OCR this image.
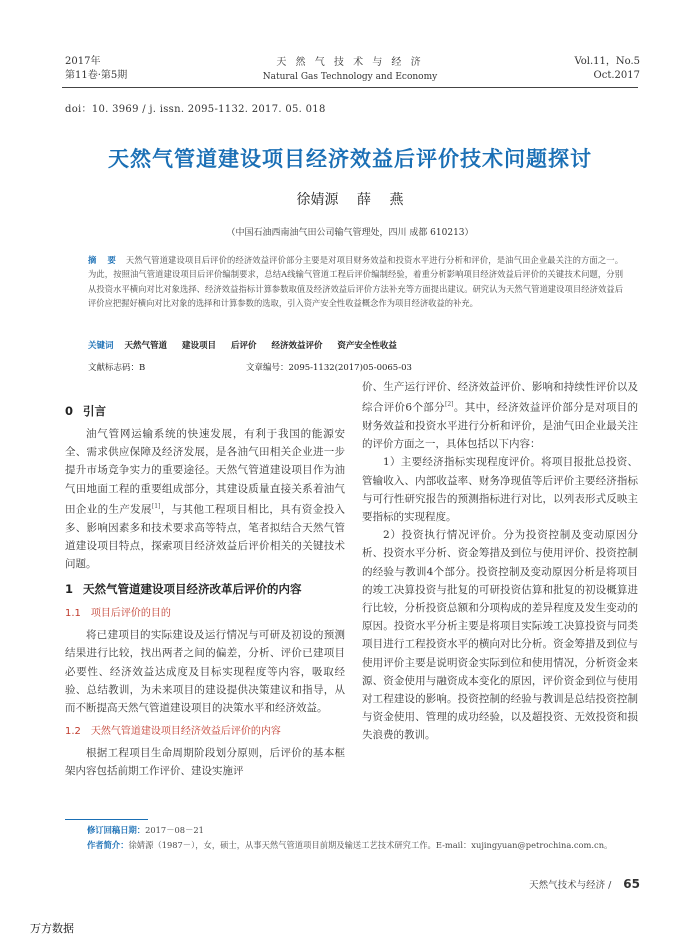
2017年
第11卷·第5期
天 然 气 技 术 与 经 济
Natural Gas Technology and Economy
Vol.11，No.5
Oct.2017
doi：10. 3969 / j. issn. 2095-1132. 2017. 05. 018
天然气管道建设项目经济效益后评价技术问题探讨
徐婧源 薛 燕
（中国石油西南油气田公司输气管理处，四川 成都 610213）
摘 要 天然气管道建设项目后评价的经济效益评价部分主要是对项目财务效益和投资水平进行分析和评价，是油气田企业最关注的方面之一。为此，按照油气管道建设项目后评价编制要求，总结A线输气管道工程后评价编制经验，着重分析影响项目经济效益后评价的关键技术问题，分别从投资水平横向对比对象选择、经济效益指标计算参数取值及经济效益后评价方法补充等方面提出建议。研究认为天然气管道建设项目经济效益后评价应把握好横向对比对象的选择和计算参数的选取，引入资产安全性收益概念作为项目经济收益的补充。
关键词 天然气管道 建设项目 后评价 经济效益评价 资产安全性收益
文献标志码：B	文章编号：2095-1132(2017)05-0065-03
0 引言

油气管网运输系统的快速发展，有利于我国的能源安全、需求供应保障及经济发展，是各油气田相关企业进一步提升市场竞争实力的重要途径。天然气管道建设项目作为油气田地面工程的重要组成部分，其建设质量直接关系着油气田企业的生产发展[1]，与其他工程项目相比，具有资金投入多、影响因素多和技术要求高等特点，笔者拟结合天然气管道建设项目特点，探索项目经济效益后评价相关的关键技术问题。

1 天然气管道建设项目经济改革后评价的内容
1.1 项目后评价的目的

将已建项目的实际建设及运行情况与可研及初设的预测结果进行比较，找出两者之间的偏差，分析、评价已建项目必要性、经济效益达成度及目标实现程度等内容，吸取经验、总结教训，为未来项目的建设提供决策建议和指导，从而不断提高天然气管道建设项目的决策水平和经济效益。

1.2 天然气管道建设项目经济效益后评价的内容

根据工程项目生命周期阶段划分原则，后评价的基本框架内容包括前期工作评价、建设实施评

价、生产运行评价、经济效益评价、影响和持续性评价以及综合评价6个部分[2]。其中，经济效益评价部分是对项目的财务效益和投资水平进行分析和评价，是油气田企业最关注的评价方面之一，具体包括以下内容：

1）主要经济指标实现程度评价。将项目报批总投资、管输收入、内部收益率、财务净现值等后评价主要经济指标与可行性研究报告的预测指标进行对比，以列表形式反映主要指标的实现程度。

2）投资执行情况评价。分为投资控制及变动原因分析、投资水平分析、资金筹措及到位与使用评价、投资控制的经验与教训4个部分。投资控制及变动原因分析是将项目的竣工决算投资与批复的可研投资估算和批复的初设概算进行比较，分析投资总额和分项构成的差异程度及发生变动的原因。投资水平分析主要是将项目实际竣工决算投资与同类项目进行工程投资水平的横向对比分析。资金筹措及到位与使用评价主要是说明资金实际到位和使用情况，分析资金来源、资金使用与融资成本变化的原因，评价资金到位与使用对工程建设的影响。投资控制的经验与教训是总结投资控制与资金使用、管理的成功经验，以及超投资、无效投资和损失浪费的教训。

修订回稿日期：2017－08－21
作者简介：徐婧源（1987－），女，硕士，从事天然气管道项目前期及输送工艺技术研究工作。E-mail：xujingyuan@petrochina.com.cn。
天然气技术与经济 / 65
万方数据
